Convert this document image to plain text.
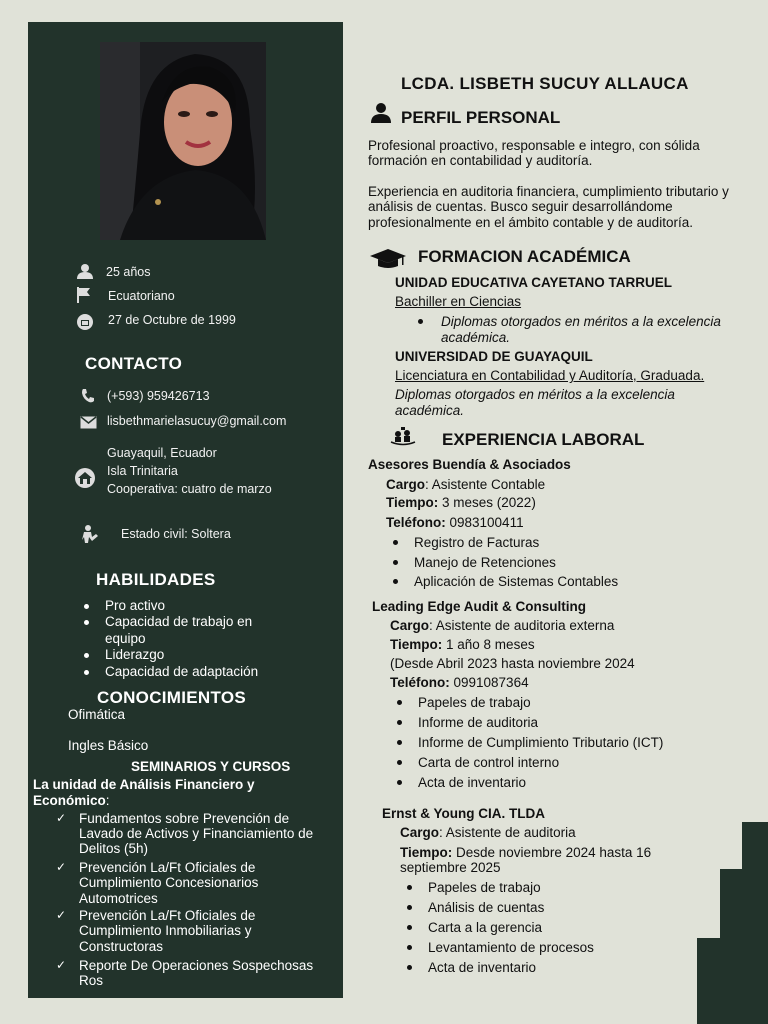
25 años
Ecuatoriano
27 de Octubre de 1999
CONTACTO
(+593) 959426713
lisbethmarielasucuy@gmail.com
Guayaquil, Ecuador
Isla Trinitaria
Cooperativa: cuatro de marzo
Estado civil: Soltera
HABILIDADES
Pro activo
Capacidad de trabajo en
equipo
Liderazgo
Capacidad de adaptación
CONOCIMIENTOS
Ofimática
Ingles Básico
SEMINARIOS Y CURSOS
La unidad de Análisis Financiero y
Económico:
✓ Fundamentos sobre Prevención de
Lavado de Activos y Financiamiento de
Delitos (5h)
✓ Prevención La/Ft Oficiales de
Cumplimiento Concesionarios
Automotrices
✓ Prevención La/Ft Oficiales de
Cumplimiento Inmobiliarias y
Constructoras
✓ Reporte De Operaciones Sospechosas
Ros
LCDA. LISBETH SUCUY ALLAUCA
PERFIL PERSONAL
Profesional proactivo, responsable e integro, con sólida
formación en contabilidad y auditoría.
Experiencia en auditoria financiera, cumplimiento tributario y
análisis de cuentas. Busco seguir desarrollándome
profesionalmente en el ámbito contable y de auditoría.
FORMACION ACADÉMICA
UNIDAD EDUCATIVA CAYETANO TARRUEL
Bachiller en Ciencias
Diplomas otorgados en méritos a la excelencia
académica.
UNIVERSIDAD DE GUAYAQUIL
Licenciatura en Contabilidad y Auditoría, Graduada.
Diplomas otorgados en méritos a la excelencia
académica.
EXPERIENCIA LABORAL
Asesores Buendía & Asociados
Cargo: Asistente Contable
Tiempo: 3 meses (2022)
Teléfono: 0983100411
Registro de Facturas
Manejo de Retenciones
Aplicación de Sistemas Contables
Leading Edge Audit & Consulting
Cargo: Asistente de auditoria externa
Tiempo: 1 año 8 meses
(Desde Abril 2023 hasta noviembre 2024
Teléfono: 0991087364
Papeles de trabajo
Informe de auditoria
Informe de Cumplimiento Tributario (ICT)
Carta de control interno
Acta de inventario
Ernst & Young CIA. TLDA
Cargo: Asistente de auditoria
Tiempo: Desde noviembre 2024 hasta 16
septiembre 2025
Papeles de trabajo
Análisis de cuentas
Carta a la gerencia
Levantamiento de procesos
Acta de inventario
